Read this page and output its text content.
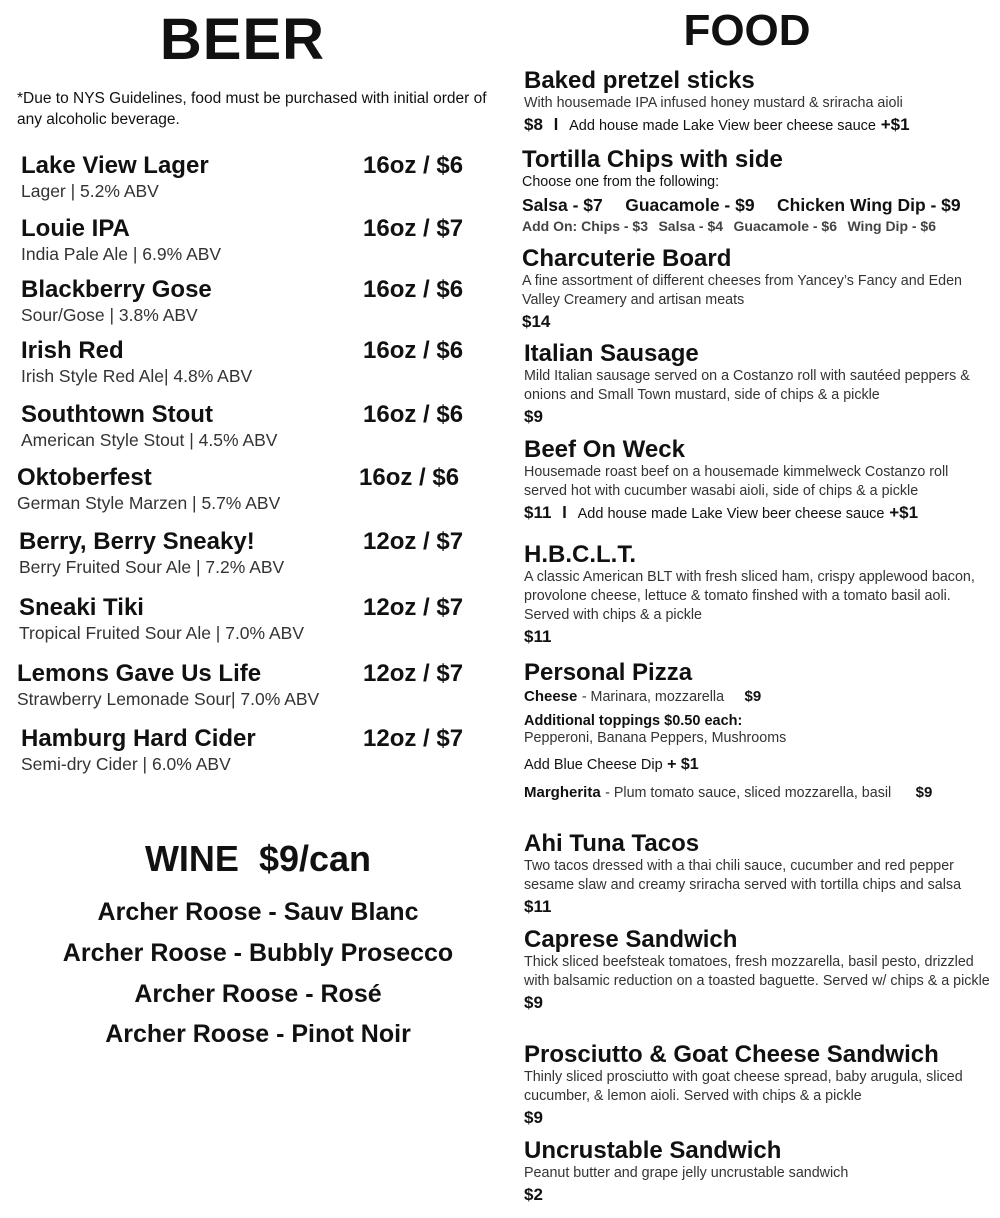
BEER

*Due to NYS Guidelines, food must be purchased with initial order of any alcoholic beverage.

Lake View Lager
Lager | 5.2% ABV
16oz / $6
Louie IPA
India Pale Ale | 6.9% ABV
16oz / $7
Blackberry Gose
Sour/Gose | 3.8% ABV
16oz / $6
Irish Red
Irish Style Red Ale| 4.8% ABV
16oz / $6
Southtown Stout
American Style Stout | 4.5% ABV
16oz / $6
Oktoberfest
German Style Marzen | 5.7% ABV
16oz / $6
Berry, Berry Sneaky!
Berry Fruited Sour Ale | 7.2% ABV
12oz / $7
Sneaki Tiki
Tropical Fruited Sour Ale | 7.0% ABV
12oz / $7
Lemons Gave Us Life
Strawberry Lemonade Sour| 7.0% ABV
12oz / $7
Hamburg Hard Cider
Semi-dry Cider | 6.0% ABV
12oz / $7
WINE  $9/can
Archer Roose - Sauv Blanc
Archer Roose - Bubbly Prosecco
Archer Roose - Rosé
Archer Roose - Pinot Noir
FOOD
Baked pretzel sticks
With housemade IPA infused honey mustard & sriracha aioli
$8 l Add house made Lake View beer cheese sauce +$1
Tortilla Chips with side
Choose one from the following:
Salsa - $7 Guacamole - $9 Chicken Wing Dip - $9
Add On: Chips - $3 Salsa - $4 Guacamole - $6 Wing Dip - $6
Charcuterie Board
A fine assortment of different cheeses from Yancey’s Fancy and Eden Valley Creamery and artisan meats
$14
Italian Sausage
Mild Italian sausage served on a Costanzo roll with sautéed peppers & onions and Small Town mustard, side of chips & a pickle
$9
Beef On Weck
Housemade roast beef on a housemade kimmelweck Costanzo roll served hot with cucumber wasabi aioli, side of chips & a pickle
$11 l Add house made Lake View beer cheese sauce +$1
H.B.C.L.T.
A classic American BLT with fresh sliced ham, crispy applewood bacon, provolone cheese, lettuce & tomato finshed with a tomato basil aoli. Served with chips & a pickle
$11
Personal Pizza
Cheese - Marinara, mozzarella $9
Additional toppings $0.50 each:
Pepperoni, Banana Peppers, Mushrooms
Add Blue Cheese Dip + $1
Margherita - Plum tomato sauce, sliced mozzarella, basil $9
Ahi Tuna Tacos
Two tacos dressed with a thai chili sauce, cucumber and red pepper sesame slaw and creamy sriracha served with tortilla chips and salsa
$11
Caprese Sandwich
Thick sliced beefsteak tomatoes, fresh mozzarella, basil pesto, drizzled with balsamic reduction on a toasted baguette. Served w/ chips & a pickle
$9
Prosciutto & Goat Cheese Sandwich
Thinly sliced prosciutto with goat cheese spread, baby arugula, sliced cucumber, & lemon aioli. Served with chips & a pickle
$9
Uncrustable Sandwich
Peanut butter and grape jelly uncrustable sandwich
$2
